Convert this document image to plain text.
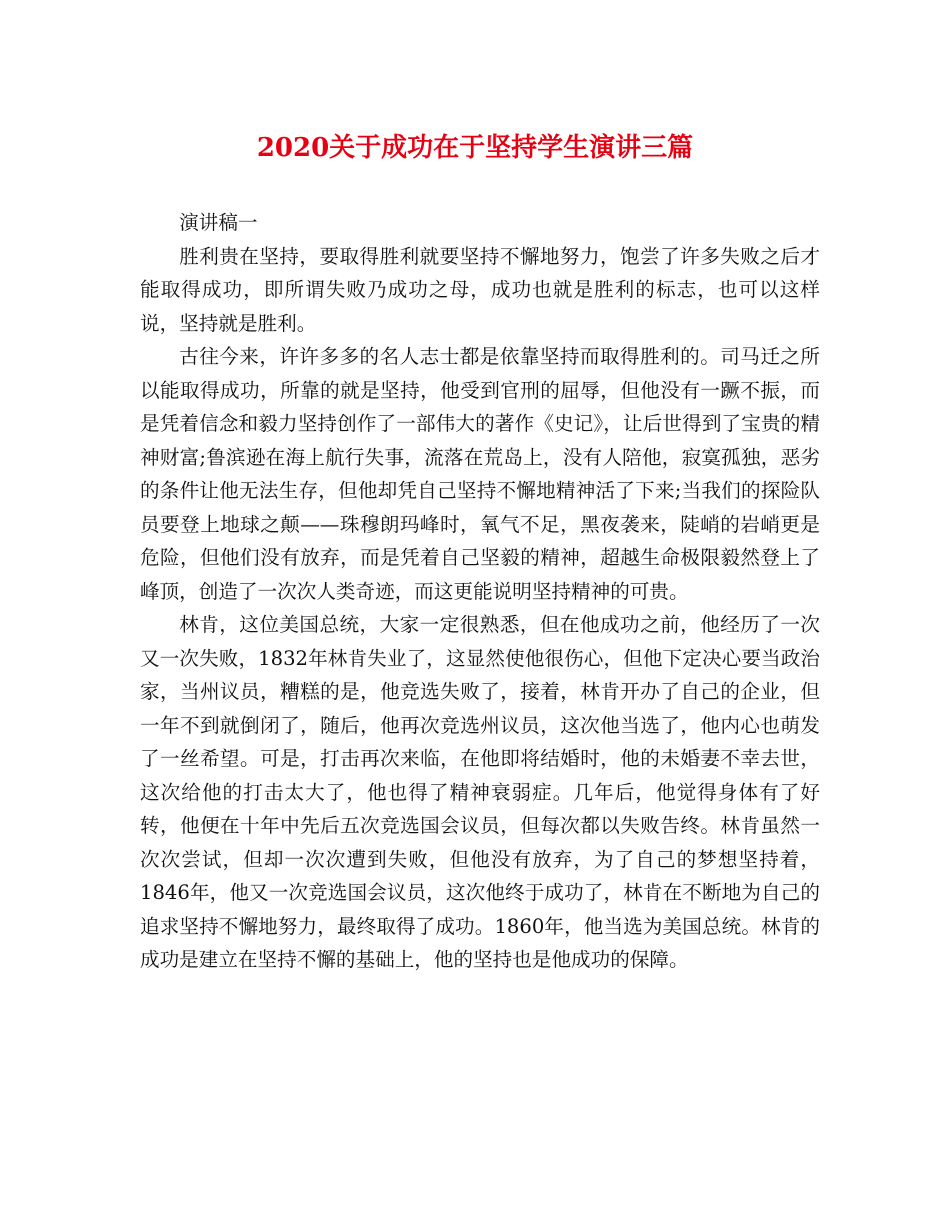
2020关于成功在于坚持学生演讲三篇

演讲稿一

胜利贵在坚持，要取得胜利就要坚持不懈地努力，饱尝了许多失败之后才能取得成功，即所谓失败乃成功之母，成功也就是胜利的标志，也可以这样说，坚持就是胜利。

古往今来，许许多多的名人志士都是依靠坚持而取得胜利的。司马迁之所以能取得成功，所靠的就是坚持，他受到官刑的屈辱，但他没有一蹶不振，而是凭着信念和毅力坚持创作了一部伟大的著作《史记》，让后世得到了宝贵的精神财富;鲁滨逊在海上航行失事，流落在荒岛上，没有人陪他，寂寞孤独，恶劣的条件让他无法生存，但他却凭自己坚持不懈地精神活了下来;当我们的探险队员要登上地球之颠——珠穆朗玛峰时，氧气不足，黑夜袭来，陡峭的岩峭更是危险，但他们没有放弃，而是凭着自己坚毅的精神，超越生命极限毅然登上了峰顶，创造了一次次人类奇迹，而这更能说明坚持精神的可贵。

林肯，这位美国总统，大家一定很熟悉，但在他成功之前，他经历了一次又一次失败，1832年林肯失业了，这显然使他很伤心，但他下定决心要当政治家，当州议员，糟糕的是，他竞选失败了，接着，林肯开办了自己的企业，但一年不到就倒闭了，随后，他再次竞选州议员，这次他当选了，他内心也萌发了一丝希望。可是，打击再次来临，在他即将结婚时，他的未婚妻不幸去世，这次给他的打击太大了，他也得了精神衰弱症。几年后，他觉得身体有了好转，他便在十年中先后五次竞选国会议员，但每次都以失败告终。林肯虽然一次次尝试，但却一次次遭到失败，但他没有放弃，为了自己的梦想坚持着，1846年，他又一次竞选国会议员，这次他终于成功了，林肯在不断地为自己的追求坚持不懈地努力，最终取得了成功。1860年，他当选为美国总统。林肯的成功是建立在坚持不懈的基础上，他的坚持也是他成功的保障。
